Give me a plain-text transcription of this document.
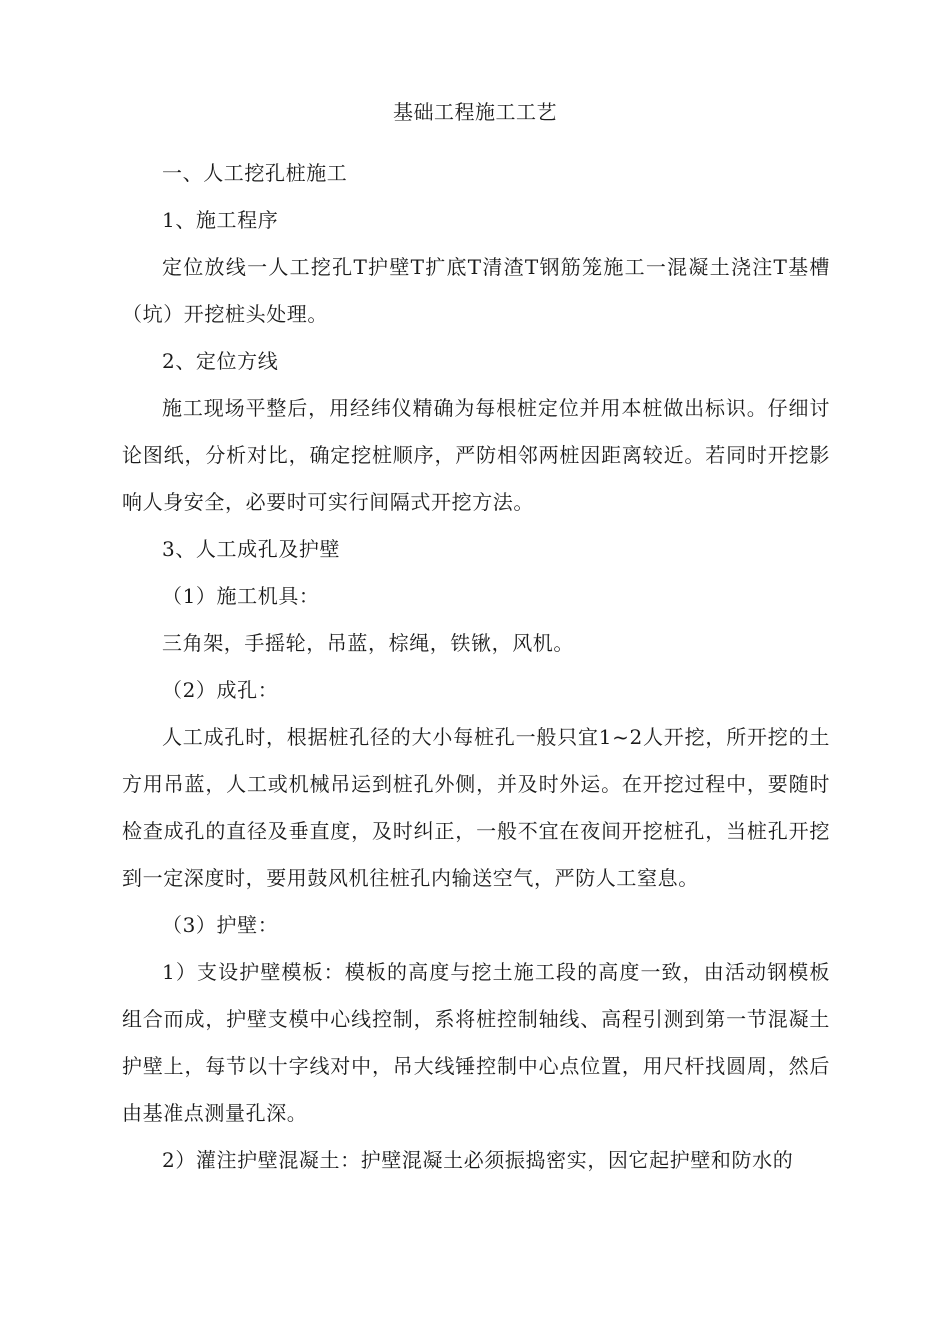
基础工程施工工艺

一、人工挖孔桩施工

1、施工程序

定位放线一人工挖孔T护壁T扩底T清渣T钢筋笼施工一混凝土浇注T基槽（坑）开挖桩头处理。

2、定位方线

施工现场平整后，用经纬仪精确为每根桩定位并用本桩做出标识。仔细讨论图纸，分析对比，确定挖桩顺序，严防相邻两桩因距离较近。若同时开挖影响人身安全，必要时可实行间隔式开挖方法。

3、人工成孔及护壁

（1）施工机具：

三角架，手摇轮，吊蓝，棕绳，铁锹，风机。

（2）成孔：

人工成孔时，根据桩孔径的大小每桩孔一般只宜1~2人开挖，所开挖的土方用吊蓝，人工或机械吊运到桩孔外侧，并及时外运。在开挖过程中，要随时检查成孔的直径及垂直度，及时纠正，一般不宜在夜间开挖桩孔，当桩孔开挖到一定深度时，要用鼓风机往桩孔内输送空气，严防人工窒息。

（3）护壁：

1）支设护壁模板：模板的高度与挖土施工段的高度一致，由活动钢模板组合而成，护壁支模中心线控制，系将桩控制轴线、高程引测到第一节混凝土护壁上，每节以十字线对中，吊大线锤控制中心点位置，用尺杆找圆周，然后由基准点测量孔深。

2）灌注护壁混凝土：护壁混凝土必须振捣密实，因它起护壁和防水的
